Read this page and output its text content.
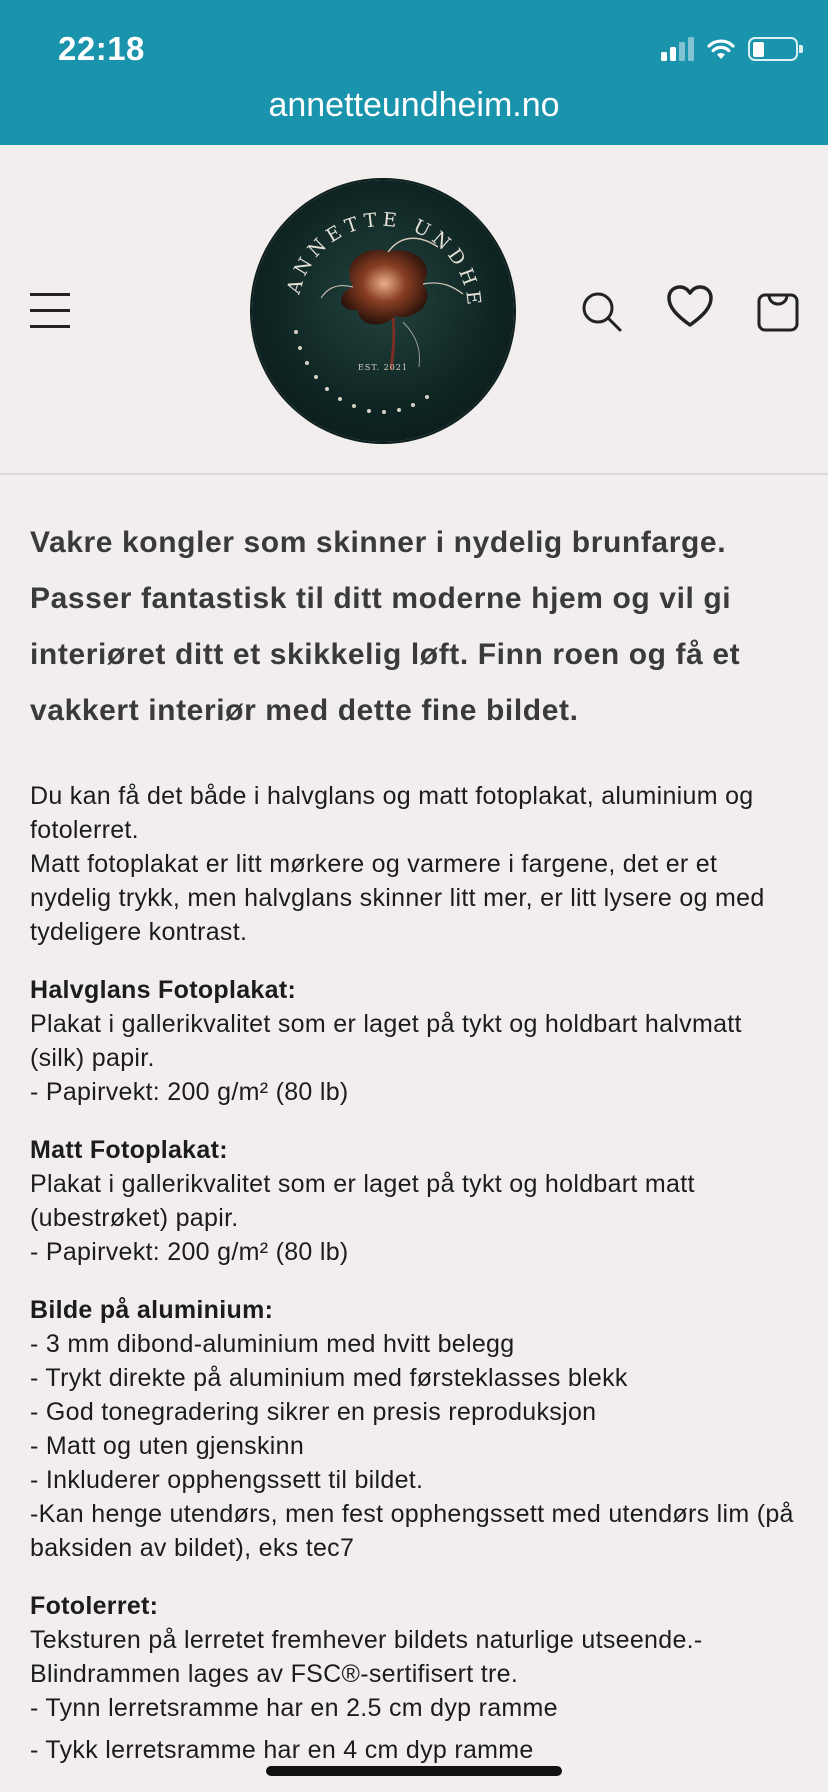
22:18
annetteundheim.no
ANNETTE UNDHE
EST. 2021
Vakre kongler som skinner i nydelig brunfarge. Passer fantastisk til ditt moderne hjem og vil gi interiøret ditt et skikkelig løft. Finn roen og få et vakkert interiør med dette fine bildet.
Du kan få det både i halvglans og matt fotoplakat, aluminium og fotolerret.
Matt fotoplakat er litt mørkere og varmere i fargene, det er et nydelig trykk, men halvglans skinner litt mer, er litt lysere og med tydeligere kontrast.
Halvglans Fotoplakat:

Plakat i gallerikvalitet som er laget på tykt og holdbart halvmatt (silk) papir.

- Papirvekt: 200 g/m² (80 lb)

Matt Fotoplakat:

Plakat i gallerikvalitet som er laget på tykt og holdbart matt (ubestrøket) papir.

- Papirvekt: 200 g/m² (80 lb)

Bilde på aluminium:

- 3 mm dibond-aluminium med hvitt belegg

- Trykt direkte på aluminium med førsteklasses blekk

- God tonegradering sikrer en presis reproduksjon

- Matt og uten gjenskinn

- Inkluderer opphengssett til bildet.

-Kan henge utendørs, men fest opphengssett med utendørs lim (på baksiden av bildet), eks tec7

Fotolerret:

Teksturen på lerretet fremhever bildets naturlige utseende.- Blindrammen lages av FSC®-sertifisert tre.

- Tynn lerretsramme har en 2.5 cm dyp ramme

- Tykk lerretsramme har en 4 cm dyp ramme
